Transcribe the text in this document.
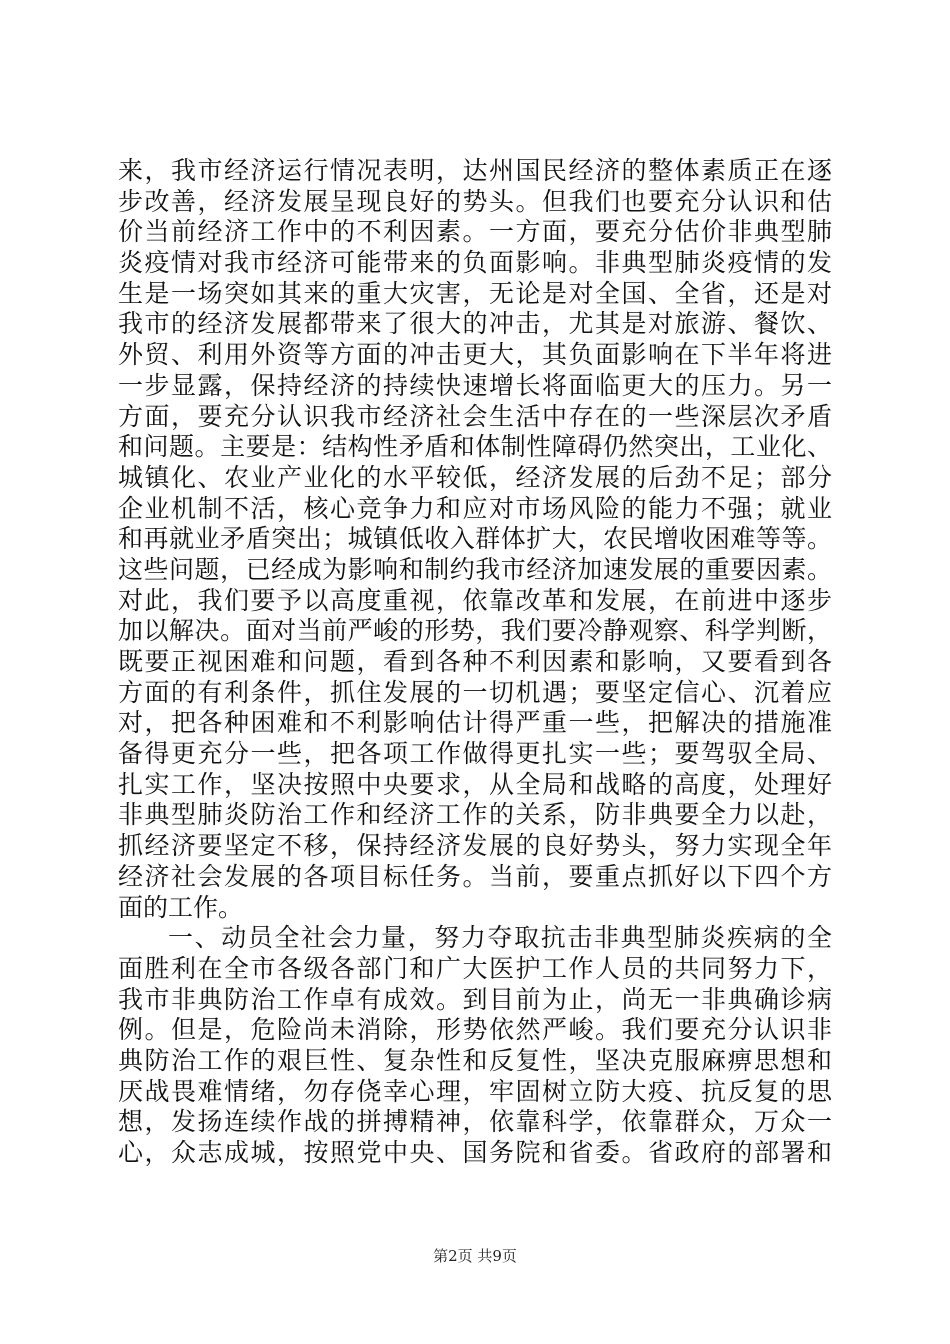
来，我市经济运行情况表明，达州国民经济的整体素质正在逐
步改善，经济发展呈现良好的势头。但我们也要充分认识和估
价当前经济工作中的不利因素。一方面，要充分估价非典型肺
炎疫情对我市经济可能带来的负面影响。非典型肺炎疫情的发
生是一场突如其来的重大灾害，无论是对全国、全省，还是对
我市的经济发展都带来了很大的冲击，尤其是对旅游、餐饮、
外贸、利用外资等方面的冲击更大，其负面影响在下半年将进
一步显露，保持经济的持续快速增长将面临更大的压力。另一
方面，要充分认识我市经济社会生活中存在的一些深层次矛盾
和问题。主要是：结构性矛盾和体制性障碍仍然突出，工业化、
城镇化、农业产业化的水平较低，经济发展的后劲不足；部分
企业机制不活，核心竞争力和应对市场风险的能力不强；就业
和再就业矛盾突出；城镇低收入群体扩大，农民增收困难等等。
这些问题，已经成为影响和制约我市经济加速发展的重要因素。
对此，我们要予以高度重视，依靠改革和发展，在前进中逐步
加以解决。面对当前严峻的形势，我们要冷静观察、科学判断，
既要正视困难和问题，看到各种不利因素和影响，又要看到各
方面的有利条件，抓住发展的一切机遇；要坚定信心、沉着应
对，把各种困难和不利影响估计得严重一些，把解决的措施准
备得更充分一些，把各项工作做得更扎实一些；要驾驭全局、
扎实工作，坚决按照中央要求，从全局和战略的高度，处理好
非典型肺炎防治工作和经济工作的关系，防非典要全力以赴，
抓经济要坚定不移，保持经济发展的良好势头，努力实现全年
经济社会发展的各项目标任务。当前，要重点抓好以下四个方
面的工作。
一、动员全社会力量，努力夺取抗击非典型肺炎疾病的全
面胜利在全市各级各部门和广大医护工作人员的共同努力下，
我市非典防治工作卓有成效。到目前为止，尚无一非典确诊病
例。但是，危险尚未消除，形势依然严峻。我们要充分认识非
典防治工作的艰巨性、复杂性和反复性，坚决克服麻痹思想和
厌战畏难情绪，勿存侥幸心理，牢固树立防大疫、抗反复的思
想，发扬连续作战的拼搏精神，依靠科学，依靠群众，万众一
心，众志成城，按照党中央、国务院和省委。省政府的部署和
第2页 共9页
